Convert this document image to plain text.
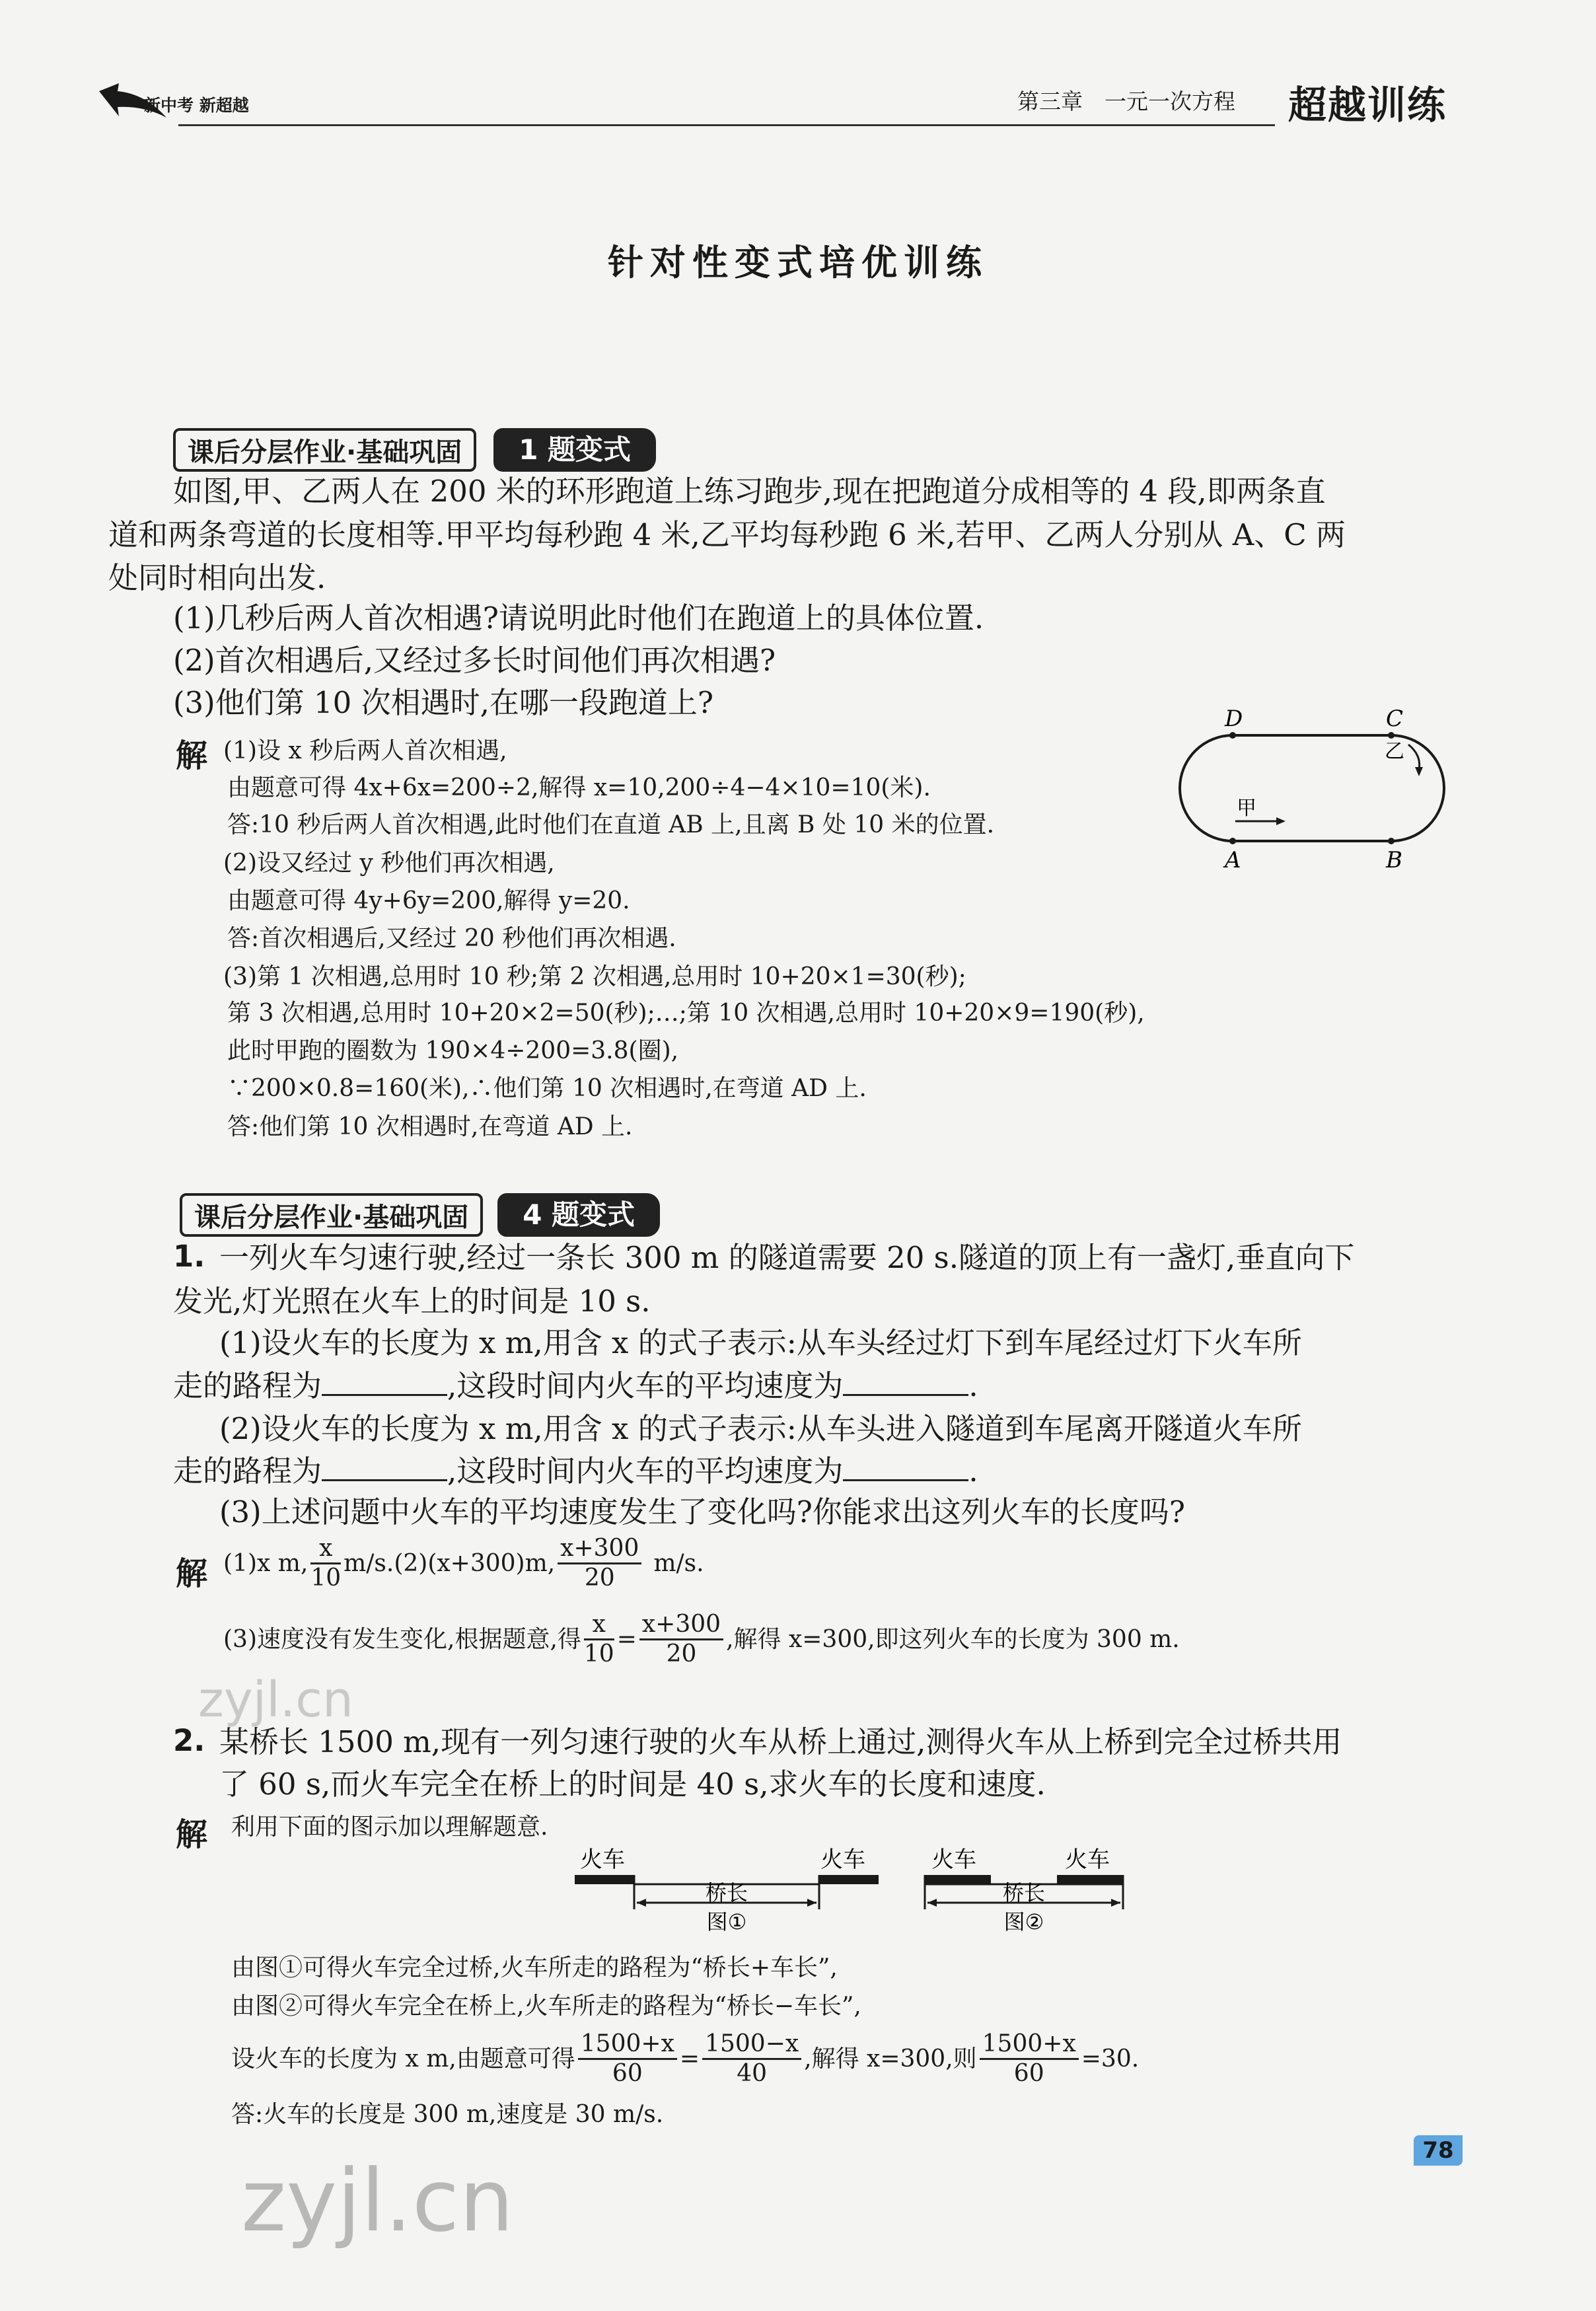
新中考 新超越	第三章　一元一次方程 超越训练
针对性变式培优训练
课后分层作业·基础巩固	1 题变式
如图,甲、乙两人在 200 米的环形跑道上练习跑步,现在把跑道分成相等的 4 段,即两条直
道和两条弯道的长度相等.甲平均每秒跑 4 米,乙平均每秒跑 6 米,若甲、乙两人分别从 A、C 两
处同时相向出发.
(1)几秒后两人首次相遇?请说明此时他们在跑道上的具体位置.
(2)首次相遇后,又经过多长时间他们再次相遇?
(3)他们第 10 次相遇时,在哪一段跑道上?
解 (1)设 x 秒后两人首次相遇,
由题意可得 4x+6x=200÷2,解得 x=10,200÷4−4×10=10(米).
答:10 秒后两人首次相遇,此时他们在直道 AB 上,且离 B 处 10 米的位置.
(2)设又经过 y 秒他们再次相遇,
由题意可得 4y+6y=200,解得 y=20.
答:首次相遇后,又经过 20 秒他们再次相遇.
(3)第 1 次相遇,总用时 10 秒;第 2 次相遇,总用时 10+20×1=30(秒);
第 3 次相遇,总用时 10+20×2=50(秒);…;第 10 次相遇,总用时 10+20×9=190(秒),
此时甲跑的圈数为 190×4÷200=3.8(圈),
∵200×0.8=160(米),∴他们第 10 次相遇时,在弯道 AD 上.
答:他们第 10 次相遇时,在弯道 AD 上.
D	C
A	B
甲
乙
课后分层作业·基础巩固	4 题变式
1. 一列火车匀速行驶,经过一条长 300 m 的隧道需要 20 s.隧道的顶上有一盏灯,垂直向下
发光,灯光照在火车上的时间是 10 s.
(1)设火车的长度为 x m,用含 x 的式子表示:从车头经过灯下到车尾经过灯下火车所
走的路程为	,这段时间内火车的平均速度为	.
(2)设火车的长度为 x m,用含 x 的式子表示:从车头进入隧道到车尾离开隧道火车所
走的路程为	,这段时间内火车的平均速度为	.
(3)上述问题中火车的平均速度发生了变化吗?你能求出这列火车的长度吗?
解 (1)x m, $\frac{x}{10} m/s.(2)(x+300)m$, $\frac{x+300}{20} m/s$.
(3)速度没有发生变化,根据题意,得 $\frac{x}{10} = \frac{x+300}{20}$ ,解得 x=300,即这列火车的长度为 300 m.
2. 某桥长 1500 m,现有一列匀速行驶的火车从桥上通过,测得火车从上桥到完全过桥共用
了 60 s,而火车完全在桥上的时间是 40 s,求火车的长度和速度.
解 利用下面的图示加以理解题意.
火车	火车
桥长
图①
火车	火车
桥长
图②
由图①可得火车完全过桥,火车所走的路程为“桥长+车长”,
由图②可得火车完全在桥上,火车所走的路程为“桥长−车长”,
设火车的长度为 x m,由题意可得 $\frac{1500+x}{60} = \frac{1500-x}{40}$ ,解得 x=300,则 $\frac{1500+x}{60} =30$.
答:火车的长度是 300 m,速度是 30 m/s.
zyjl.cn
zyjl.cn	78
